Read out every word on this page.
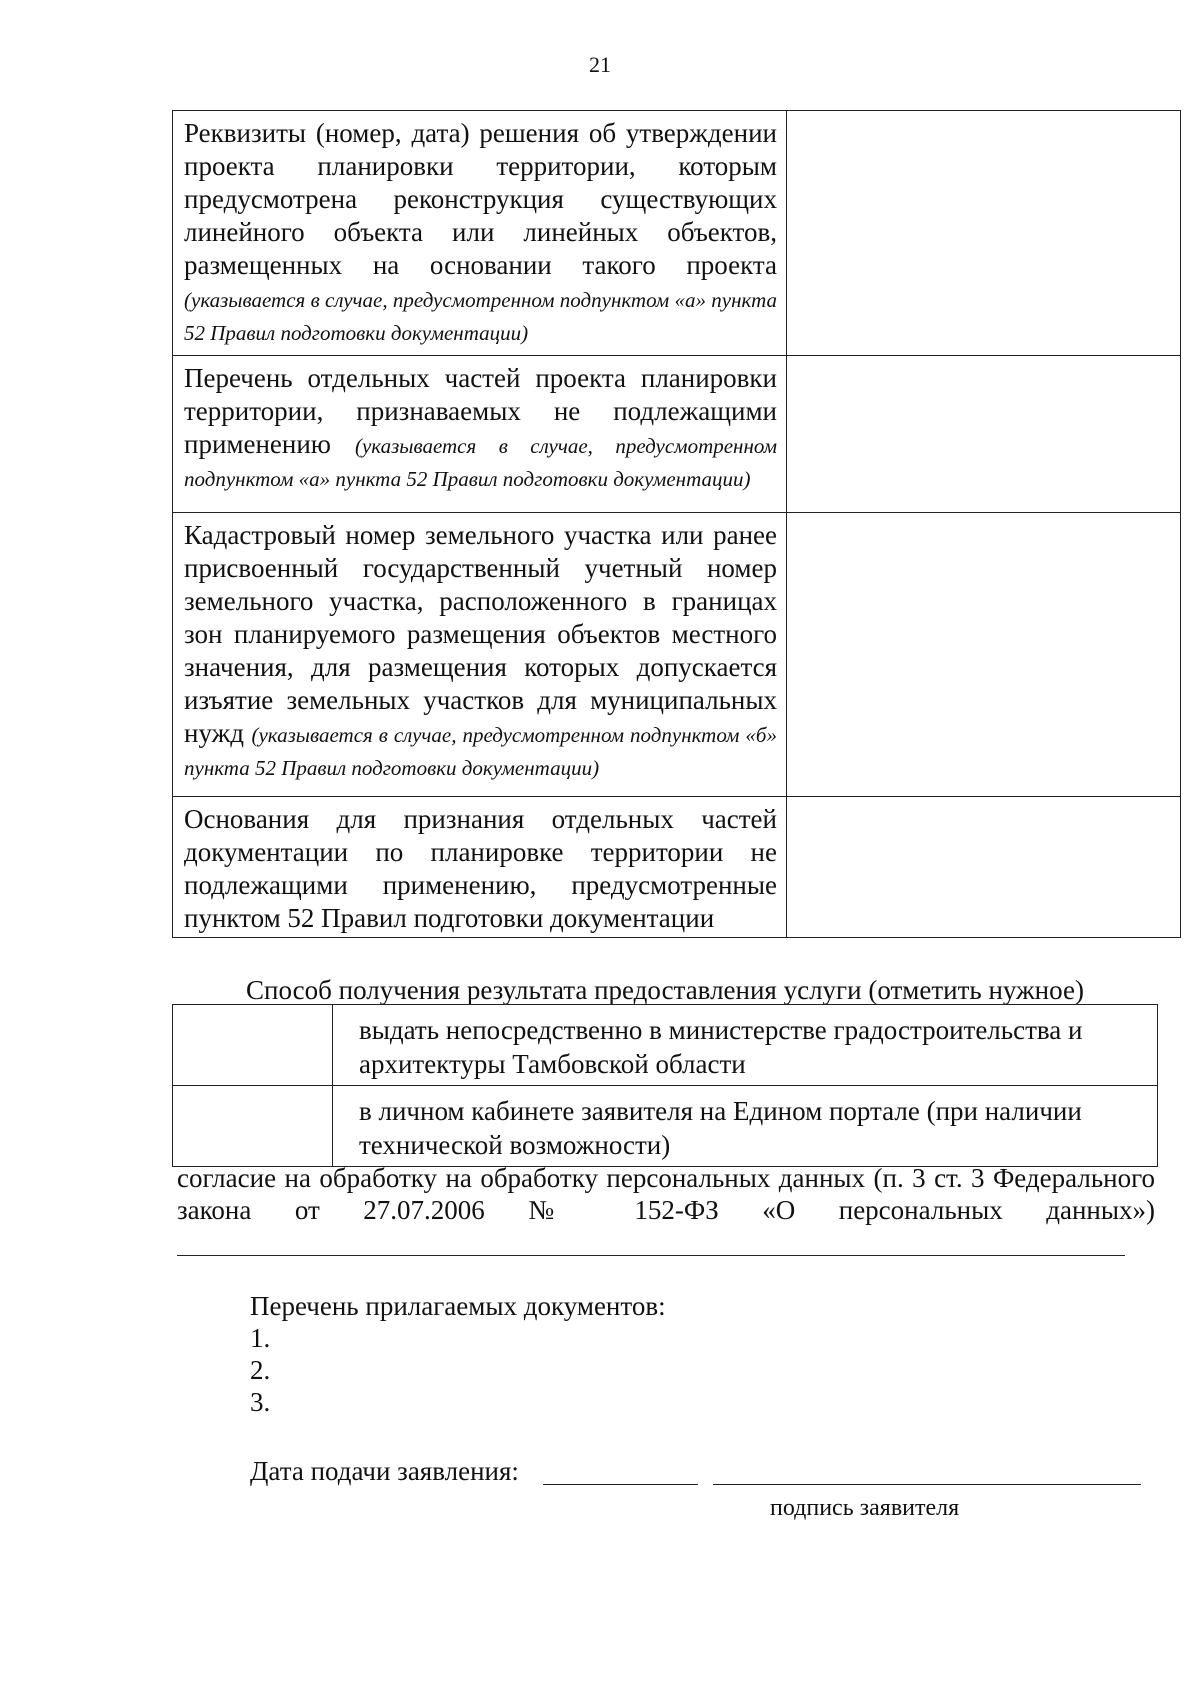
21
Реквизиты (номер, дата) решения об утверждении проекта планировки территории, которым предусмотрена реконструкция существующих линейного объекта или линейных объектов, размещенных на основании такого проекта (указывается в случае, предусмотренном подпунктом «а» пункта 52 Правил подготовки документации)	
Перечень отдельных частей проекта планировки территории, признаваемых не подлежащими применению (указывается в случае, предусмотренном подпунктом «а» пункта 52 Правил подготовки документации)	
Кадастровый номер земельного участка или ранее присвоенный государственный учетный номер земельного участка, расположенного в границах зон планируемого размещения объектов местного значения, для размещения которых допускается изъятие земельных участков для муниципальных нужд (указывается в случае, предусмотренном подпунктом «б» пункта 52 Правил подготовки документации)	
Основания для признания отдельных частей документации по планировке территории не подлежащими применению, предусмотренные пунктом 52 Правил подготовки документации	
Способ получения результата предоставления услуги (отметить нужное)
	выдать непосредственно в министерстве градостроительства и архитектуры Тамбовской области
	в личном кабинете заявителя на Едином портале (при наличии технической возможности)
согласие на обработку на обработку персональных данных (п. 3 ст. 3 Федерального закона от 27.07.2006 № 152-ФЗ «О персональных данных»)
Перечень прилагаемых документов:
1.
2.
3.
Дата подачи заявления:
подпись заявителя
